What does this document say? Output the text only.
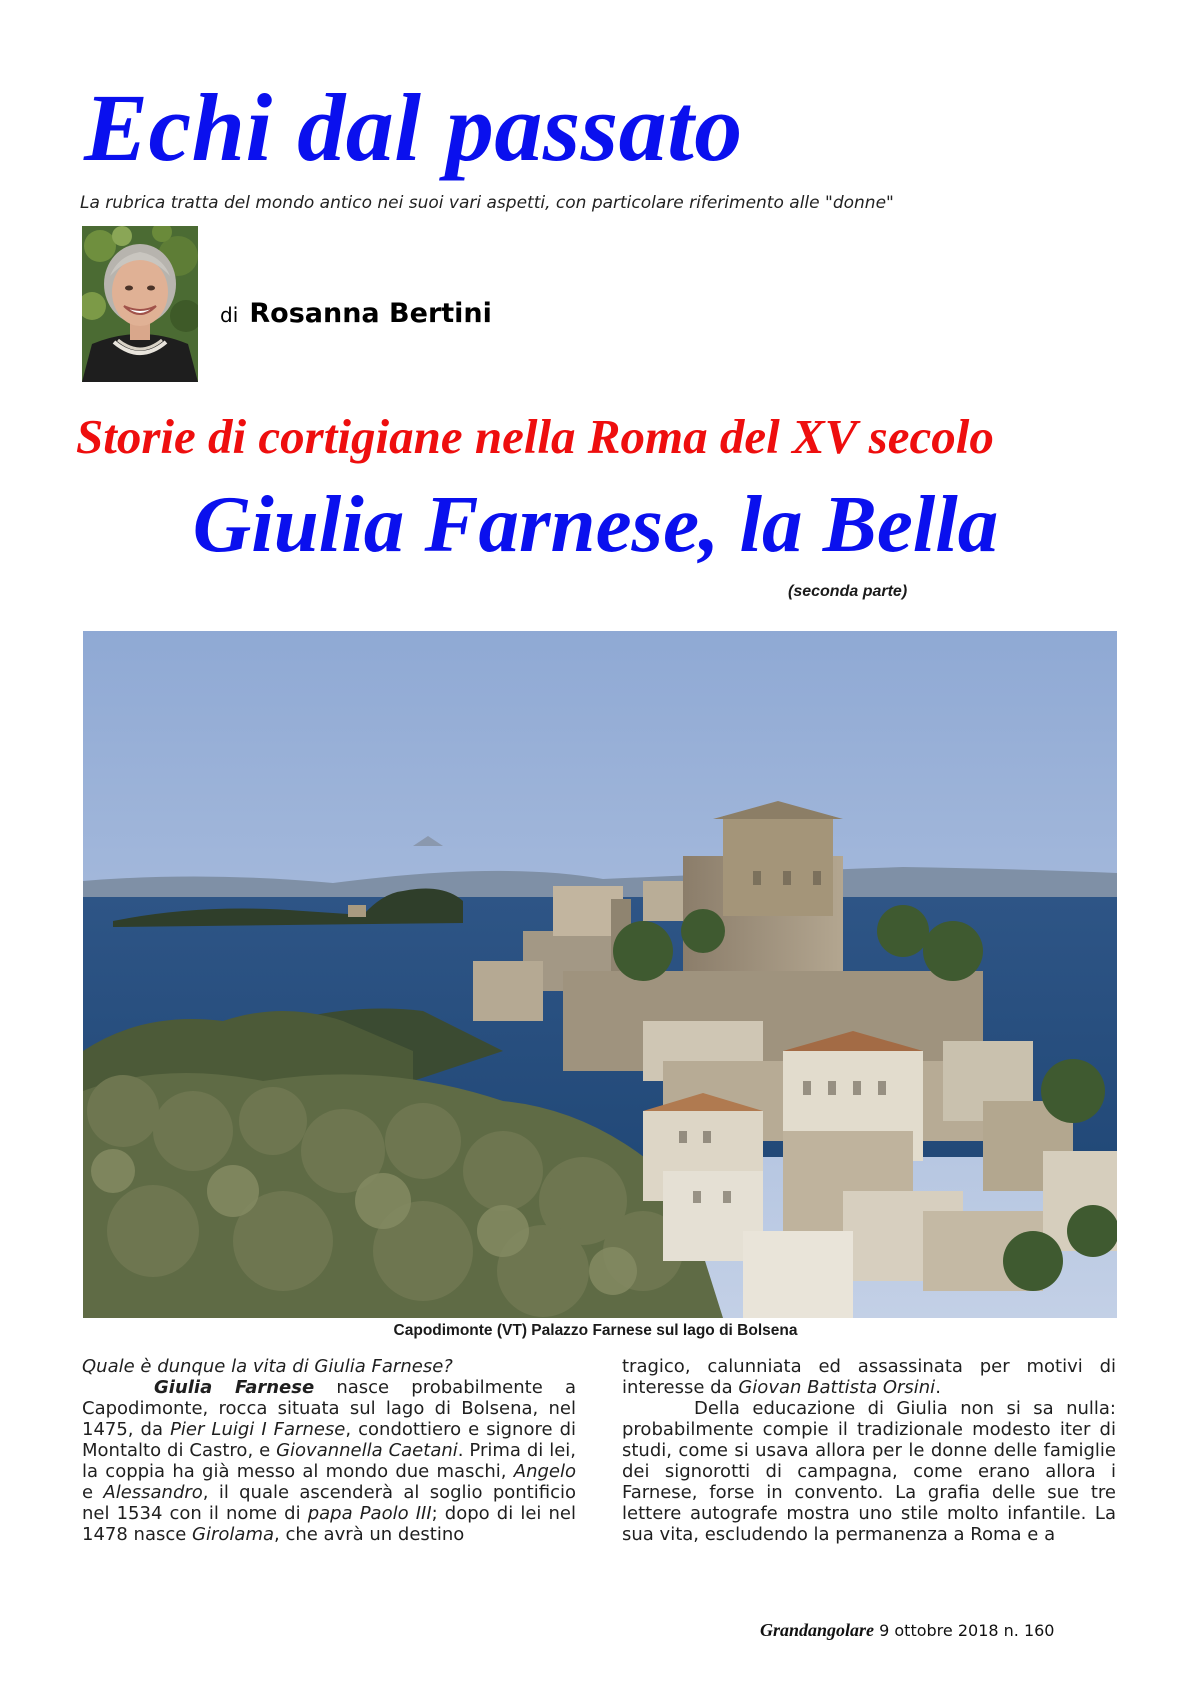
Echi dal passato

La rubrica tratta del mondo antico nei suoi vari aspetti, con particolare riferimento alle "donne"

di Rosanna Bertini
Storie di cortigiane nella Roma del XV secolo
Giulia Farnese, la Bella
(seconda parte)
Capodimonte (VT) Palazzo Farnese sul lago di Bolsena

Quale è dunque la vita di Giulia Farnese?

Giulia Farnese nasce probabilmente a Capodimonte, rocca situata sul lago di Bolsena, nel 1475, da Pier Luigi I Farnese, condottiero e signore di Montalto di Castro, e Giovannella Caetani. Prima di lei, la coppia ha già messo al mondo due maschi, Angelo e Alessandro, il quale ascenderà al soglio pontificio nel 1534 con il nome di papa Paolo III; dopo di lei nel 1478 nasce Girolama, che avrà un destino

tragico, calunniata ed assassinata per motivi di interesse da Giovan Battista Orsini.

Della educazione di Giulia non si sa nulla: probabilmente compie il tradizionale modesto iter di studi, come si usava allora per le donne delle famiglie dei signorotti di campagna, come erano allora i Farnese, forse in convento. La grafia delle sue tre lettere autografe mostra uno stile molto infantile. La sua vita, escludendo la permanenza a Roma e a

Grandangolare 9 ottobre 2018 n. 160
